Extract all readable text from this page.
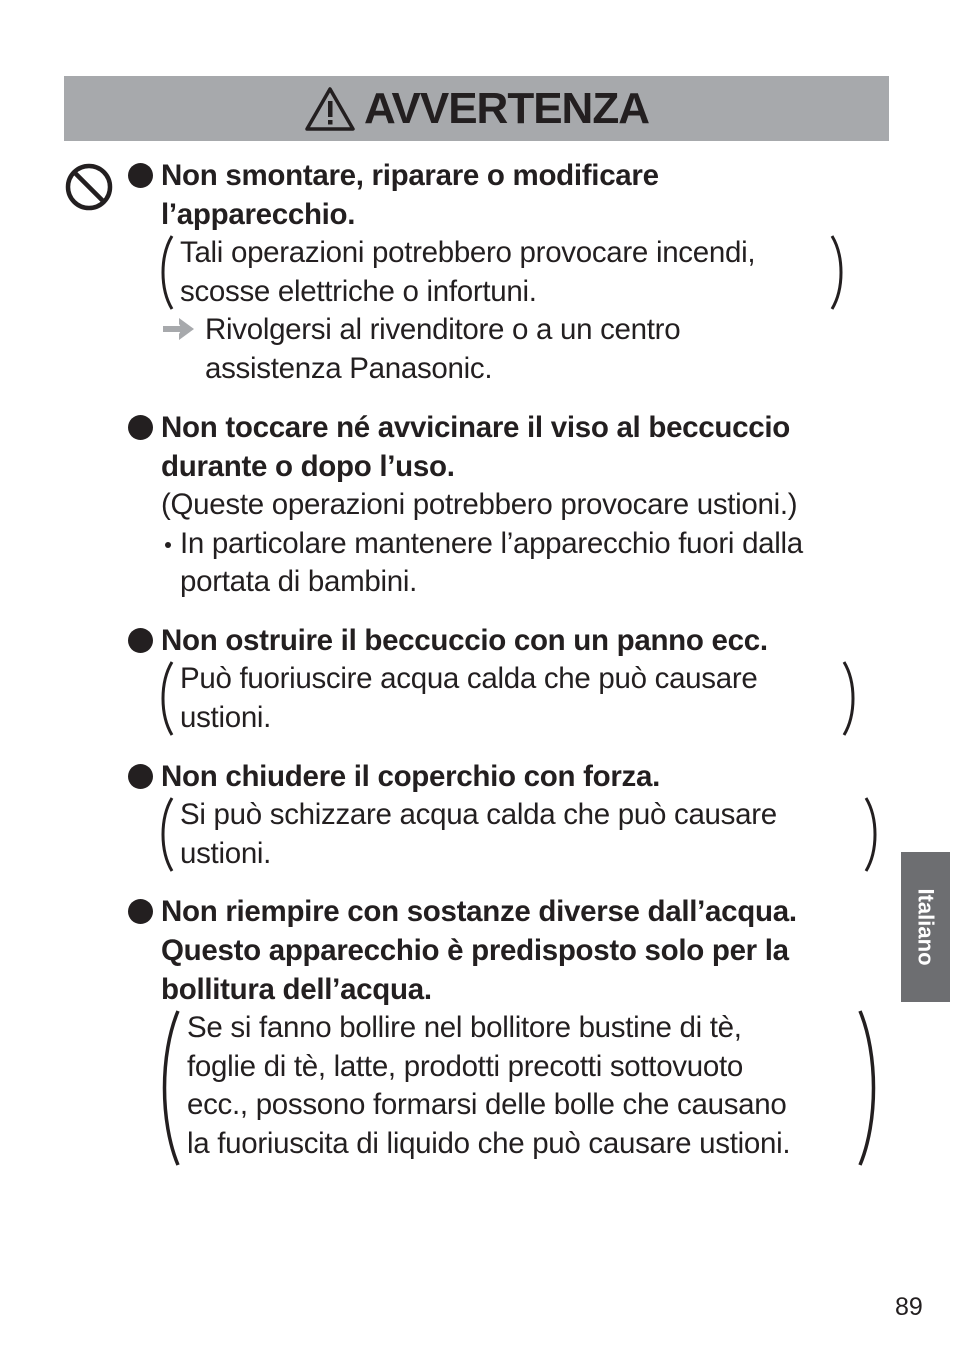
AVVERTENZA
Non smontare, riparare o modificare
l’apparecchio.
Tali operazioni potrebbero provocare incendi,
scosse elettriche o infortuni.
Rivolgersi al rivenditore o a un centro
assistenza Panasonic.
Non toccare né avvicinare il viso al beccuccio
durante o dopo l’uso.
(Queste operazioni potrebbero provocare ustioni.)
In particolare mantenere l’apparecchio fuori dalla
portata di bambini.
Non ostruire il beccuccio con un panno ecc.
Può fuoriuscire acqua calda che può causare
ustioni.
Non chiudere il coperchio con forza.
Si può schizzare acqua calda che può causare
ustioni.
Non riempire con sostanze diverse dall’acqua.
Questo apparecchio è predisposto solo per la
bollitura dell’acqua.
Se si fanno bollire nel bollitore bustine di tè,
foglie di tè, latte, prodotti precotti sottovuoto
ecc., possono formarsi delle bolle che causano
la fuoriuscita di liquido che può causare ustioni.
Italiano
89
